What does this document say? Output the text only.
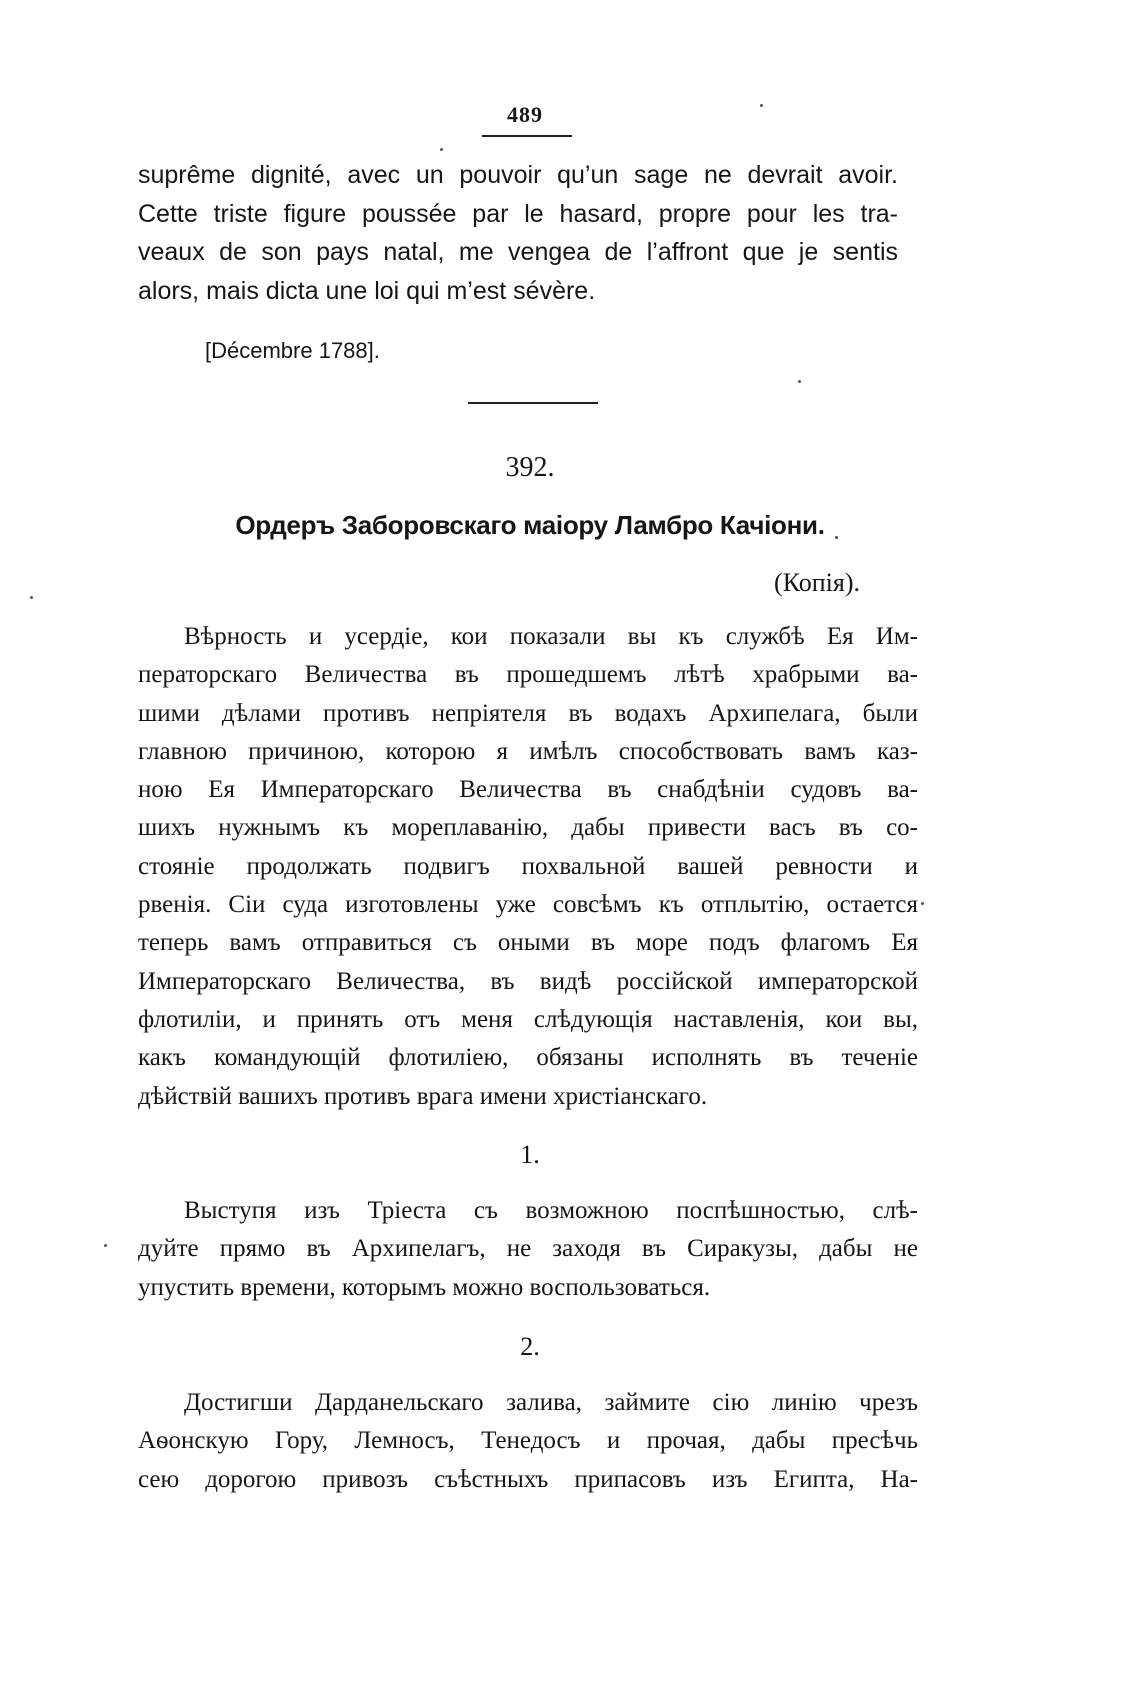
489
suprême dignité, avec un pouvoir qu’un sage ne devrait avoir.
Cette triste figure poussée par le hasard, propre pour les tra-
veaux de son pays natal, me vengea de l’affront que je sentis
alors, mais dicta une loi qui m’est sévère.
[Décembre 1788].
392.
Ордеръ Заборовскаго маіору Ламбро Качіони.
(Копія).
Вѣрность и усердіе, кои показали вы къ службѣ Ея Им-
ператорскаго Величества въ прошедшемъ лѣтѣ храбрыми ва-
шими дѣлами противъ непріятеля въ водахъ Архипелага, были
главною причиною, которою я имѣлъ способствовать вамъ каз-
ною Ея Императорскаго Величества въ снабдѣніи судовъ ва-
шихъ нужнымъ къ мореплаванію, дабы привести васъ въ со-
стояніе продолжать подвигъ похвальной вашей ревности и
рвенія. Сіи суда изготовлены уже совсѣмъ къ отплытію, остается
теперь вамъ отправиться съ оными въ море подъ флагомъ Ея
Императорскаго Величества, въ видѣ россійской императорской
флотиліи, и принять отъ меня слѣдующія наставленія, кои вы,
какъ командующій флотиліею, обязаны исполнять въ теченіе
дѣйствій вашихъ противъ врага имени христіанскаго.
1.
Выступя изъ Тріеста съ возможною поспѣшностью, слѣ-
дуйте прямо въ Архипелагъ, не заходя въ Сиракузы, дабы не
упустить времени, которымъ можно воспользоваться.
2.
Достигши Дарданельскаго залива, займите сію линію чрезъ
Аѳонскую Гору, Лемносъ, Тенедосъ и прочая, дабы пресѣчь
сею дорогою привозъ съѣстныхъ припасовъ изъ Египта, На-
